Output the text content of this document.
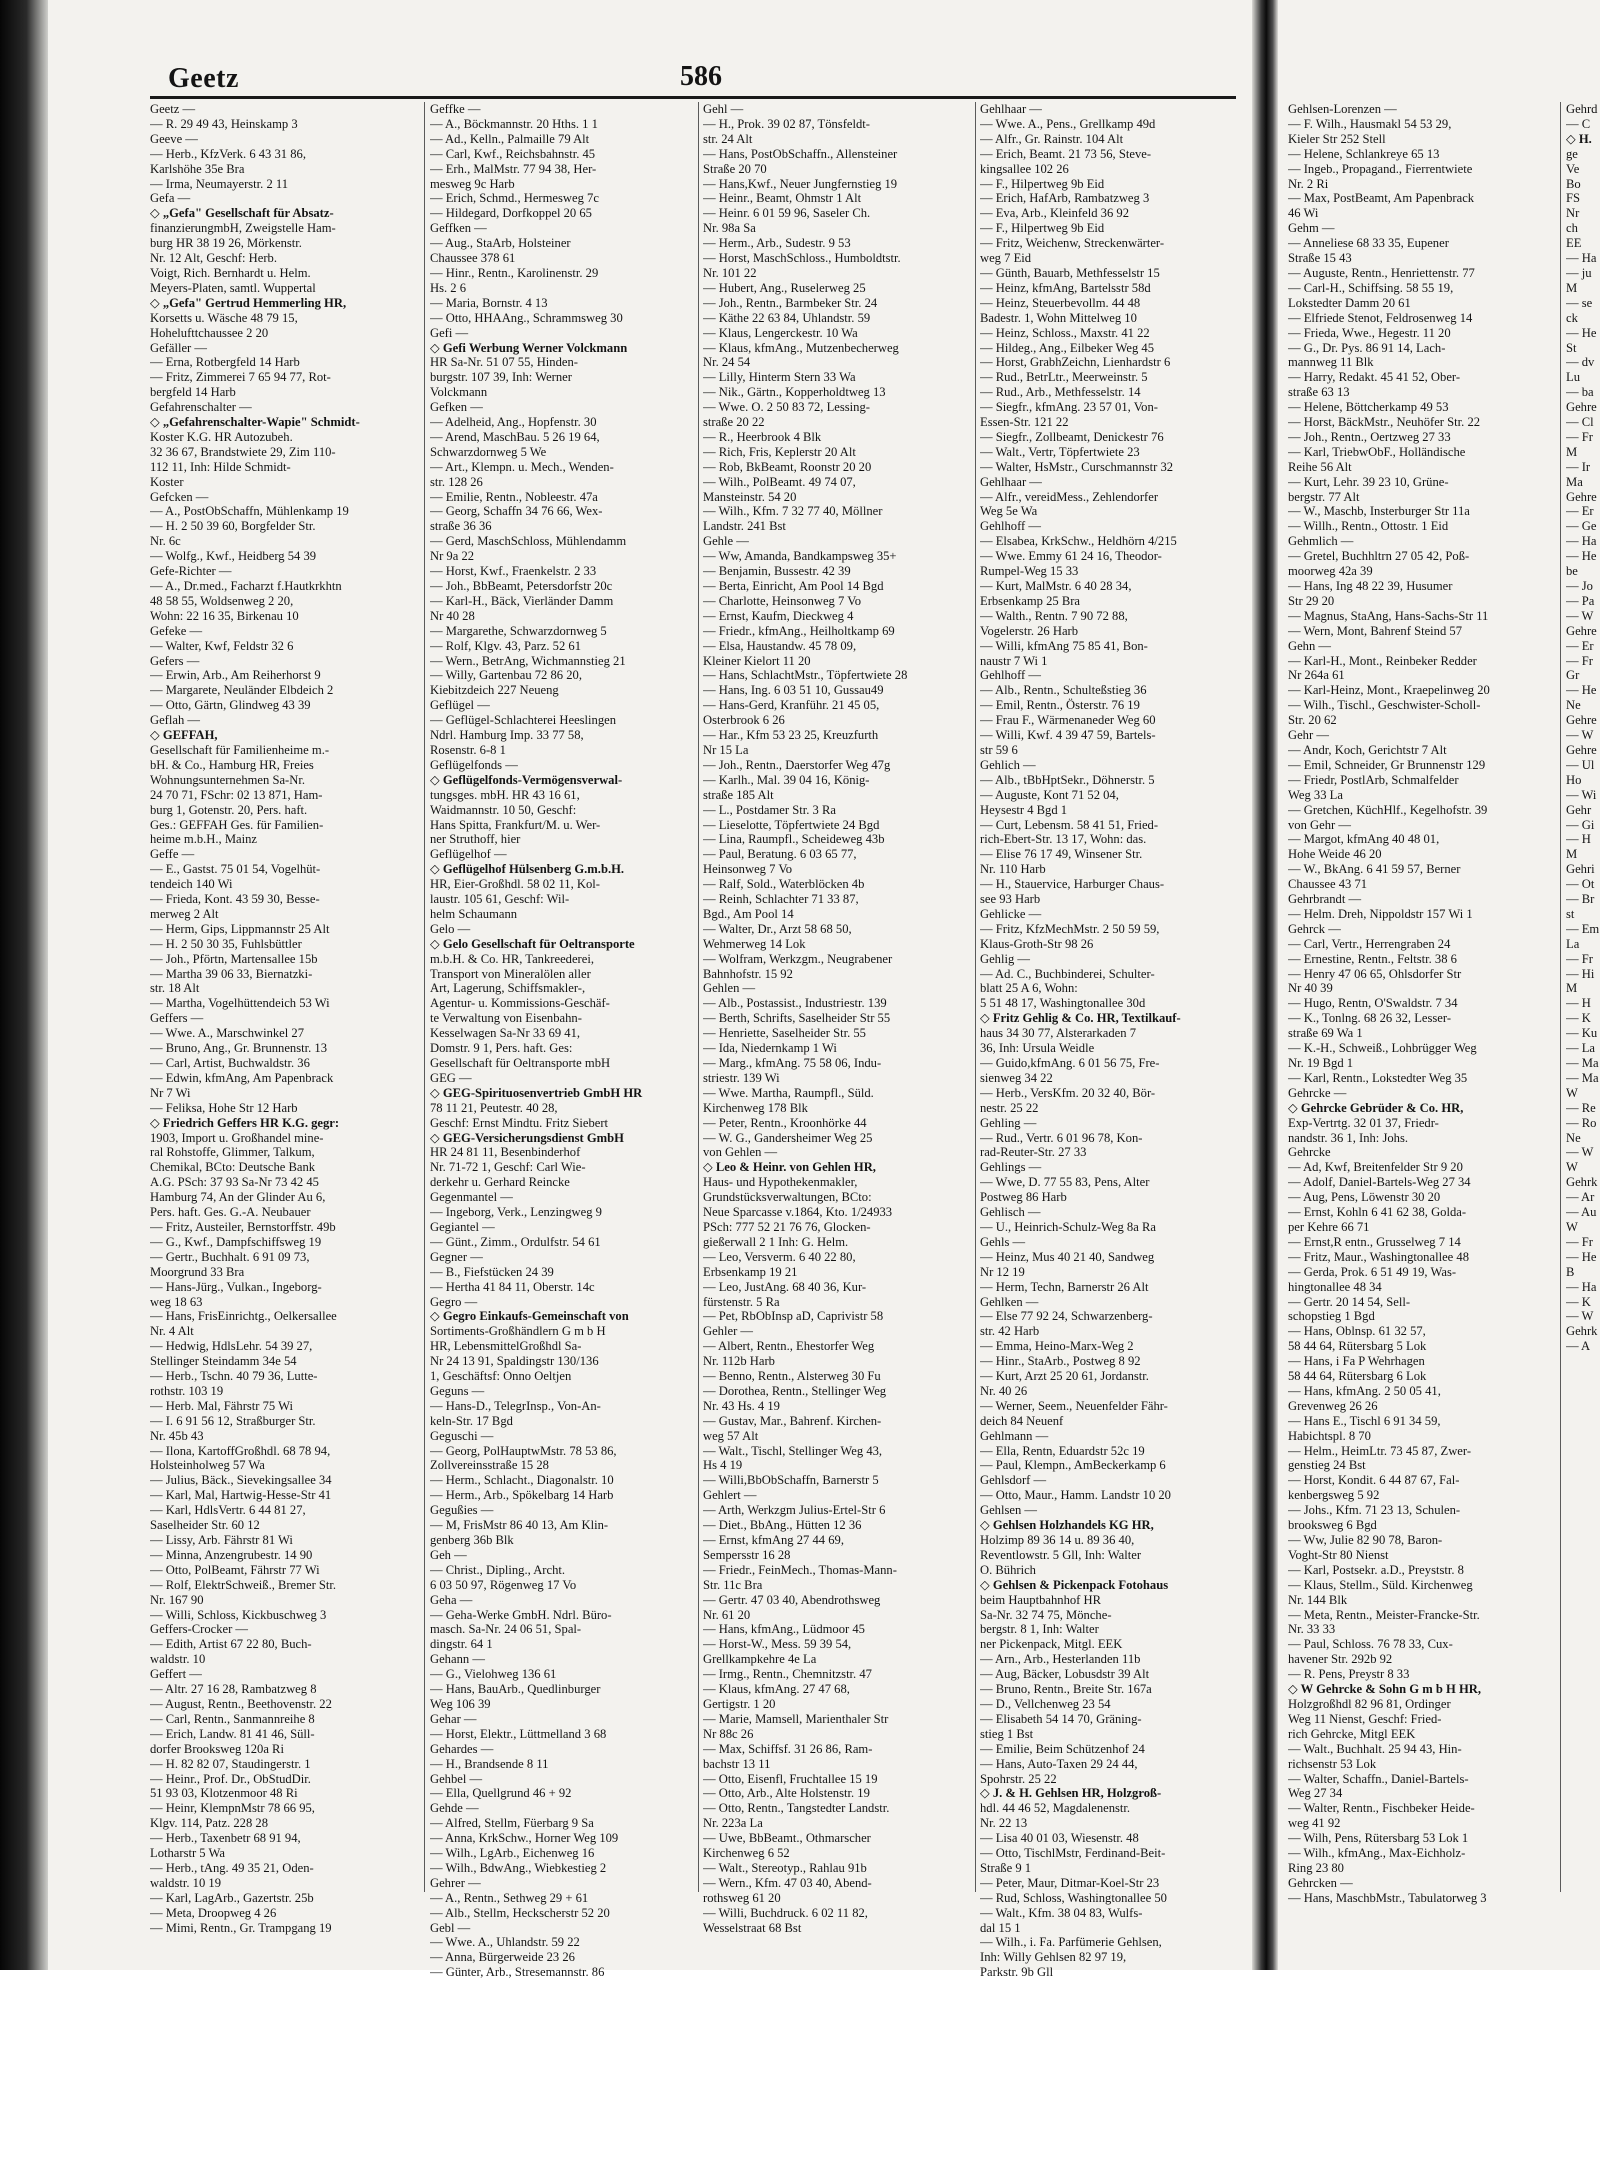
Geetz	586

Geetz —

— R. 29 49 43, Heinskamp 3

Geeve —

— Herb., KfzVerk. 6 43 31 86,

Karlshöhe 35e Bra

— Irma, Neumayerstr. 2 11

Gefa —

◇ „Gefa" Gesellschaft für Absatz-

finanzierungmbH, Zweigstelle Ham-

burg HR 38 19 26, Mörkenstr.

Nr. 12 Alt, Geschf: Herb.

Voigt, Rich. Bernhardt u. Helm.

Meyers-Platen, samtl. Wuppertal

◇ „Gefa" Gertrud Hemmerling HR,

Korsetts u. Wäsche 48 79 15,

Hohelufttchaussee 2 20

Gefäller —

— Erna, Rotbergfeld 14 Harb

— Fritz, Zimmerei 7 65 94 77, Rot-

bergfeld 14 Harb

Gefahrenschalter —

◇ „Gefahrenschalter-Wapie" Schmidt-

Koster K.G. HR Autozubeh.

32 36 67, Brandstwiete 29, Zim 110-

112 11, Inh: Hilde Schmidt-

Koster

Gefcken —

— A., PostObSchaffn, Mühlenkamp 19

— H. 2 50 39 60, Borgfelder Str.

Nr. 6c

— Wolfg., Kwf., Heidberg 54 39

Gefe-Richter —

— A., Dr.med., Facharzt f.Hautkrkhtn

48 58 55, Woldsenweg 2 20,

Wohn: 22 16 35, Birkenau 10

Gefeke —

— Walter, Kwf, Feldstr 32 6

Gefers —

— Erwin, Arb., Am Reiherhorst 9

— Margarete, Neuländer Elbdeich 2

— Otto, Gärtn, Glindweg 43 39

Geflah —

◇ GEFFAH,

Gesellschaft für Familienheime m.-

bH. & Co., Hamburg HR, Freies

Wohnungsunternehmen Sa-Nr.

24 70 71, FSchr: 02 13 871, Ham-

burg 1, Gotenstr. 20, Pers. haft.

Ges.: GEFFAH Ges. für Familien-

heime m.b.H., Mainz

Geffe —

— E., Gastst. 75 01 54, Vogelhüt-

tendeich 140 Wi

— Frieda, Kont. 43 59 30, Besse-

merweg 2 Alt

— Herm, Gips, Lippmannstr 25 Alt

— H. 2 50 30 35, Fuhlsbüttler

— Joh., Pförtn, Martensallee 15b

— Martha 39 06 33, Biernatzki-

str. 18 Alt

— Martha, Vogelhüttendeich 53 Wi

Geffers —

— Wwe. A., Marschwinkel 27

— Bruno, Ang., Gr. Brunnenstr. 13

— Carl, Artist, Buchwaldstr. 36

— Edwin, kfmAng, Am Papenbrack

Nr 7 Wi

— Feliksa, Hohe Str 12 Harb

◇ Friedrich Geffers HR K.G. gegr:

1903, Import u. Großhandel mine-

ral Rohstoffe, Glimmer, Talkum,

Chemikal, BCto: Deutsche Bank

A.G. PSch: 37 93 Sa-Nr 73 42 45

Hamburg 74, An der Glinder Au 6,

Pers. haft. Ges. G.-A. Neubauer

— Fritz, Austeiler, Bernstorffstr. 49b

— G., Kwf., Dampfschiffsweg 19

— Gertr., Buchhalt. 6 91 09 73,

Moorgrund 33 Bra

— Hans-Jürg., Vulkan., Ingeborg-

weg 18 63

— Hans, FrisEinrichtg., Oelkersallee

Nr. 4 Alt

— Hedwig, HdlsLehr. 54 39 27,

Stellinger Steindamm 34e 54

— Herb., Tschn. 40 79 36, Lutte-

rothstr. 103 19

— Herb. Mal, Fährstr 75 Wi

— I. 6 91 56 12, Straßburger Str.

Nr. 45b 43

— Ilona, KartoffGroßhdl. 68 78 94,

Holsteinholweg 57 Wa

— Julius, Bäck., Sievekingsallee 34

— Karl, Mal, Hartwig-Hesse-Str 41

— Karl, HdlsVertr. 6 44 81 27,

Saselheider Str. 60 12

— Lissy, Arb. Fährstr 81 Wi

— Minna, Anzengrubestr. 14 90

— Otto, PolBeamt, Fährstr 77 Wi

— Rolf, ElektrSchweiß., Bremer Str.

Nr. 167 90

— Willi, Schloss, Kickbuschweg 3

Geffers-Crocker —

— Edith, Artist 67 22 80, Buch-

waldstr. 10

Geffert —

— Altr. 27 16 28, Rambatzweg 8

— August, Rentn., Beethovenstr. 22

— Carl, Rentn., Sanmannreihe 8

— Erich, Landw. 81 41 46, Süll-

dorfer Brooksweg 120a Ri

— H. 82 82 07, Staudingerstr. 1

— Heinr., Prof. Dr., ObStudDir.

51 93 03, Klotzenmoor 48 Ri

— Heinr, KlempnMstr 78 66 95,

Klgv. 114, Patz. 228 28

— Herb., Taxenbetr 68 91 94,

Lotharstr 5 Wa

— Herb., tAng. 49 35 21, Oden-

waldstr. 10 19

— Karl, LagArb., Gazertstr. 25b

— Meta, Droopweg 4 26

— Mimi, Rentn., Gr. Trampgang 19

Geffke —

— A., Böckmannstr. 20 Hths. 1 1

— Ad., Kelln., Palmaille 79 Alt

— Carl, Kwf., Reichsbahnstr. 45

— Erh., MalMstr. 77 94 38, Her-

mesweg 9c Harb

— Erich, Schmd., Hermesweg 7c

— Hildegard, Dorfkoppel 20 65

Geffken —

— Aug., StaArb, Holsteiner

Chaussee 378 61

— Hinr., Rentn., Karolinenstr. 29

Hs. 2 6

— Maria, Bornstr. 4 13

— Otto, HHAAng., Schrammsweg 30

Gefi —

◇ Gefi Werbung Werner Volckmann

HR Sa-Nr. 51 07 55, Hinden-

burgstr. 107 39, Inh: Werner

Volckmann

Gefken —

— Adelheid, Ang., Hopfenstr. 30

— Arend, MaschBau. 5 26 19 64,

Schwarzdornweg 5 We

— Art., Klempn. u. Mech., Wenden-

str. 128 26

— Emilie, Rentn., Nobleestr. 47a

— Georg, Schaffn 34 76 66, Wex-

straße 36 36

— Gerd, MaschSchloss, Mühlendamm

Nr 9a 22

— Horst, Kwf., Fraenkelstr. 2 33

— Joh., BbBeamt, Petersdorfstr 20c

— Karl-H., Bäck, Vierländer Damm

Nr 40 28

— Margarethe, Schwarzdornweg 5

— Rolf, Klgv. 43, Parz. 52 61

— Wern., BetrAng, Wichmannstieg 21

— Willy, Gartenbau 72 86 20,

Kiebitzdeich 227 Neueng

Geflügel —

— Geflügel-Schlachterei Heeslingen

Ndrl. Hamburg Imp. 33 77 58,

Rosenstr. 6-8 1

Geflügelfonds —

◇ Geflügelfonds-Vermögensverwal-

tungsges. mbH. HR 43 16 61,

Waidmannstr. 10 50, Geschf:

Hans Spitta, Frankfurt/M. u. Wer-

ner Struthoff, hier

Geflügelhof —

◇ Geflügelhof Hülsenberg G.m.b.H.

HR, Eier-Großhdl. 58 02 11, Kol-

laustr. 105 61, Geschf: Wil-

helm Schaumann

Gelo —

◇ Gelo Gesellschaft für Oeltransporte

m.b.H. & Co. HR, Tankreederei,

Transport von Mineralölen aller

Art, Lagerung, Schiffsmakler-,

Agentur- u. Kommissions-Geschäf-

te Verwaltung von Eisenbahn-

Kesselwagen Sa-Nr 33 69 41,

Domstr. 9 1, Pers. haft. Ges:

Gesellschaft für Oeltransporte mbH

GEG —

◇ GEG-Spirituosenvertrieb GmbH HR

78 11 21, Peutestr. 40 28,

Geschf: Ernst Mindtu. Fritz Siebert

◇ GEG-Versicherungsdienst GmbH

HR 24 81 11, Besenbinderhof

Nr. 71-72 1, Geschf: Carl Wie-

derkehr u. Gerhard Reincke

Gegenmantel —

— Ingeborg, Verk., Lenzingweg 9

Gegiantel —

— Günt., Zimm., Ordulfstr. 54 61

Gegner —

— B., Fiefstücken 24 39

— Hertha 41 84 11, Oberstr. 14c

Gegro —

◇ Gegro Einkaufs-Gemeinschaft von

Sortiments-Großhändlern G m b H

HR, LebensmittelGroßhdl Sa-

Nr 24 13 91, Spaldingstr 130/136

1, Geschäftsf: Onno Oeltjen

Geguns —

— Hans-D., TelegrInsp., Von-An-

keln-Str. 17 Bgd

Geguschi —

— Georg, PolHauptwMstr. 78 53 86,

Zollvereinsstraße 15 28

— Herm., Schlacht., Diagonalstr. 10

— Herm., Arb., Spökelbarg 14 Harb

Gegußies —

— M, FrisMstr 86 40 13, Am Klin-

genberg 36b Blk

Geh —

— Christ., Dipling., Archt.

6 03 50 97, Rögenweg 17 Vo

Geha —

— Geha-Werke GmbH. Ndrl. Büro-

masch. Sa-Nr. 24 06 51, Spal-

dingstr. 64 1

Gehann —

— G., Vielohweg 136 61

— Hans, BauArb., Quedlinburger

Weg 106 39

Gehar —

— Horst, Elektr., Lüttmelland 3 68

Gehardes —

— H., Brandsende 8 11

Gehbel —

— Ella, Quellgrund 46 + 92

Gehde —

— Alfred, Stellm, Füerbarg 9 Sa

— Anna, KrkSchw., Horner Weg 109

— Wilh., LgArb., Eichenweg 16

— Wilh., BdwAng., Wiebkestieg 2

Gehrer —

— A., Rentn., Sethweg 29 + 61

— Alb., Stellm, Heckscherstr 52 20

Gebl —

— Wwe. A., Uhlandstr. 59 22

— Anna, Bürgerweide 23 26

— Günter, Arb., Stresemannstr. 86

Gehl —

— H., Prok. 39 02 87, Tönsfeldt-

str. 24 Alt

— Hans, PostObSchaffn., Allensteiner

Straße 20 70

— Hans,Kwf., Neuer Jungfernstieg 19

— Heinr., Beamt, Ohmstr 1 Alt

— Heinr. 6 01 59 96, Saseler Ch.

Nr. 98a Sa

— Herm., Arb., Sudestr. 9 53

— Horst, MaschSchloss., Humboldtstr.

Nr. 101 22

— Hubert, Ang., Ruselerweg 25

— Joh., Rentn., Barmbeker Str. 24

— Käthe 22 63 84, Uhlandstr. 59

— Klaus, Lengerckestr. 10 Wa

— Klaus, kfmAng., Mutzenbecherweg

Nr. 24 54

— Lilly, Hinterm Stern 33 Wa

— Nik., Gärtn., Kopperholdtweg 13

— Wwe. O. 2 50 83 72, Lessing-

straße 20 22

— R., Heerbrook 4 Blk

— Rich, Fris, Keplerstr 20 Alt

— Rob, BkBeamt, Roonstr 20 20

— Wilh., PolBeamt. 49 74 07,

Mansteinstr. 54 20

— Wilh., Kfm. 7 32 77 40, Möllner

Landstr. 241 Bst

Gehle —

— Ww, Amanda, Bandkampsweg 35+

— Benjamin, Bussestr. 42 39

— Berta, Einricht, Am Pool 14 Bgd

— Charlotte, Heinsonweg 7 Vo

— Ernst, Kaufm, Dieckweg 4

— Friedr., kfmAng., Heilholtkamp 69

— Elsa, Haustandw. 45 78 09,

Kleiner Kielort 11 20

— Hans, SchlachtMstr., Töpfertwiete 28

— Hans, Ing. 6 03 51 10, Gussau49

— Hans-Gerd, Kranführ. 21 45 05,

Osterbrook 6 26

— Har., Kfm 53 23 25, Kreuzfurth

Nr 15 La

— Joh., Rentn., Daerstorfer Weg 47g

— Karlh., Mal. 39 04 16, König-

straße 185 Alt

— L., Postdamer Str. 3 Ra

— Lieselotte, Töpfertwiete 24 Bgd

— Lina, Raumpfl., Scheideweg 43b

— Paul, Beratung. 6 03 65 77,

Heinsonweg 7 Vo

— Ralf, Sold., Waterblöcken 4b

— Reinh, Schlachter 71 33 87,

Bgd., Am Pool 14

— Walter, Dr., Arzt 58 68 50,

Wehmerweg 14 Lok

— Wolfram, Werkzgm., Neugrabener

Bahnhofstr. 15 92

Gehlen —

— Alb., Postassist., Industriestr. 139

— Berth, Schrifts, Saselheider Str 55

— Henriette, Saselheider Str. 55

— Ida, Niedernkamp 1 Wi

— Marg., kfmAng. 75 58 06, Indu-

striestr. 139 Wi

— Wwe. Martha, Raumpfl., Süld.

Kirchenweg 178 Blk

— Peter, Rentn., Kroonhörke 44

— W. G., Gandersheimer Weg 25

von Gehlen —

◇ Leo & Heinr. von Gehlen HR,

Haus- und Hypothekenmakler,

Grundstücksverwaltungen, BCto:

Neue Sparcasse v.1864, Kto. 1/24933

PSch: 777 52 21 76 76, Glocken-

gießerwall 2 1 Inh: G. Helm.

— Leo, Versverm. 6 40 22 80,

Erbsenkamp 19 21

— Leo, JustAng. 68 40 36, Kur-

fürstenstr. 5 Ra

— Pet, RbObInsp aD, Caprivistr 58

Gehler —

— Albert, Rentn., Ehestorfer Weg

Nr. 112b Harb

— Benno, Rentn., Alsterweg 30 Fu

— Dorothea, Rentn., Stellinger Weg

Nr. 43 Hs. 4 19

— Gustav, Mar., Bahrenf. Kirchen-

weg 57 Alt

— Walt., Tischl, Stellinger Weg 43,

Hs 4 19

— Willi,BbObSchaffn, Barnerstr 5

Gehlert —

— Arth, Werkzgm Julius-Ertel-Str 6

— Diet., BbAng., Hütten 12 36

— Ernst, kfmAng 27 44 69,

Sempersstr 16 28

— Friedr., FeinMech., Thomas-Mann-

Str. 11c Bra

— Gertr. 47 03 40, Abendrothsweg

Nr. 61 20

— Hans, kfmAng., Lüdmoor 45

— Horst-W., Mess. 59 39 54,

Grellkampkehre 4e La

— Irmg., Rentn., Chemnitzstr. 47

— Klaus, kfmAng. 27 47 68,

Gertigstr. 1 20

— Marie, Mamsell, Marienthaler Str

Nr 88c 26

— Max, Schiffsf. 31 26 86, Ram-

bachstr 13 11

— Otto, Eisenfl, Fruchtallee 15 19

— Otto, Arb., Alte Holstenstr. 19

— Otto, Rentn., Tangstedter Landstr.

Nr. 223a La

— Uwe, BbBeamt., Othmarscher

Kirchenweg 6 52

— Walt., Stereotyp., Rahlau 91b

— Wern., Kfm. 47 03 40, Abend-

rothsweg 61 20

— Willi, Buchdruck. 6 02 11 82,

Wesselstraat 68 Bst

Gehlhaar —

— Wwe. A., Pens., Grellkamp 49d

— Alfr., Gr. Rainstr. 104 Alt

— Erich, Beamt. 21 73 56, Steve-

kingsallee 102 26

— F., Hilpertweg 9b Eid

— Erich, HafArb, Rambatzweg 3

— Eva, Arb., Kleinfeld 36 92

— F., Hilpertweg 9b Eid

— Fritz, Weichenw, Streckenwärter-

weg 7 Eid

— Günth, Bauarb, Methfesselstr 15

— Heinz, kfmAng, Bartelsstr 58d

— Heinz, Steuerbevollm. 44 48

Badestr. 1, Wohn Mittelweg 10

— Heinz, Schloss., Maxstr. 41 22

— Hildeg., Ang., Eilbeker Weg 45

— Horst, GrabhZeichn, Lienhardstr 6

— Rud., BetrLtr., Meerweinstr. 5

— Rud., Arb., Methfesselstr. 14

— Siegfr., kfmAng. 23 57 01, Von-

Essen-Str. 121 22

— Siegfr., Zollbeamt, Denickestr 76

— Walt., Vertr, Töpfertwiete 23

— Walter, HsMstr., Curschmannstr 32

Gehlhaar —

— Alfr., vereidMess., Zehlendorfer

Weg 5e Wa

Gehlhoff —

— Elsabea, KrkSchw., Heldhörn 4/215

— Wwe. Emmy 61 24 16, Theodor-

Rumpel-Weg 15 33

— Kurt, MalMstr. 6 40 28 34,

Erbsenkamp 25 Bra

— Walth., Rentn. 7 90 72 88,

Vogelerstr. 26 Harb

— Willi, kfmAng 75 85 41, Bon-

naustr 7 Wi 1

Gehlhoff —

— Alb., Rentn., Schulteßstieg 36

— Emil, Rentn., Österstr. 76 19

— Frau F., Wärmenaneder Weg 60

— Willi, Kwf. 4 39 47 59, Bartels-

str 59 6

Gehlich —

— Alb., tBbHptSekr., Döhnerstr. 5

— Auguste, Kont 71 52 04,

Heysestr 4 Bgd 1

— Curt, Lebensm. 58 41 51, Fried-

rich-Ebert-Str. 13 17, Wohn: das.

— Elise 76 17 49, Winsener Str.

Nr. 110 Harb

— H., Stauervice, Harburger Chaus-

see 93 Harb

Gehlicke —

— Fritz, KfzMechMstr. 2 50 59 59,

Klaus-Groth-Str 98 26

Gehlig —

— Ad. C., Buchbinderei, Schulter-

blatt 25 A 6, Wohn:

5 51 48 17, Washingtonallee 30d

◇ Fritz Gehlig & Co. HR, Textilkauf-

haus 34 30 77, Alsterarkaden 7

36, Inh: Ursula Weidle

— Guido,kfmAng. 6 01 56 75, Fre-

sienweg 34 22

— Herb., VersKfm. 20 32 40, Bör-

nestr. 25 22

Gehling —

— Rud., Vertr. 6 01 96 78, Kon-

rad-Reuter-Str. 27 33

Gehlings —

— Wwe, D. 77 55 83, Pens, Alter

Postweg 86 Harb

Gehlisch —

— U., Heinrich-Schulz-Weg 8a Ra

Gehls —

— Heinz, Mus 40 21 40, Sandweg

Nr 12 19

— Herm, Techn, Barnerstr 26 Alt

Gehlken —

— Else 77 92 24, Schwarzenberg-

str. 42 Harb

— Emma, Heino-Marx-Weg 2

— Hinr., StaArb., Postweg 8 92

— Kurt, Arzt 25 20 61, Jordanstr.

Nr. 40 26

— Werner, Seem., Neuenfelder Fähr-

deich 84 Neuenf

Gehlmann —

— Ella, Rentn, Eduardstr 52c 19

— Paul, Klempn., AmBeckerkamp 6

Gehlsdorf —

— Otto, Maur., Hamm. Landstr 10 20

Gehlsen —

◇ Gehlsen Holzhandels KG HR,

Holzimp 89 36 14 u. 89 36 40,

Reventlowstr. 5 Gll, Inh: Walter

O. Bührich

◇ Gehlsen & Pickenpack Fotohaus

beim Hauptbahnhof HR

Sa-Nr. 32 74 75, Mönche-

bergstr. 8 1, Inh: Walter

ner Pickenpack, Mitgl. EEK

— Arn., Arb., Hesterlanden 11b

— Aug, Bäcker, Lobusdstr 39 Alt

— Bruno, Rentn., Breite Str. 167a

— D., Vellchenweg 23 54

— Elisabeth 54 14 70, Gräning-

stieg 1 Bst

— Emilie, Beim Schützenhof 24

— Hans, Auto-Taxen 29 24 44,

Spohrstr. 25 22

◇ J. & H. Gehlsen HR, Holzgroß-

hdl. 44 46 52, Magdalenenstr.

Nr. 22 13

— Lisa 40 01 03, Wiesenstr. 48

— Otto, TischlMstr, Ferdinand-Beit-

Straße 9 1

— Peter, Maur, Ditmar-Koel-Str 23

— Rud, Schloss, Washingtonallee 50

— Walt., Kfm. 38 04 83, Wulfs-

dal 15 1

— Wilh., i. Fa. Parfümerie Gehlsen,

Inh: Willy Gehlsen 82 97 19,

Parkstr. 9b Gll

Gehlsen-Lorenzen —

— F. Wilh., Hausmakl 54 53 29,

Kieler Str 252 Stell

— Helene, Schlankreye 65 13

— Ingeb., Propagand., Fierrentwiete

Nr. 2 Ri

— Max, PostBeamt, Am Papenbrack

46 Wi

Gehm —

— Anneliese 68 33 35, Eupener

Straße 15 43

— Auguste, Rentn., Henriettenstr. 77

— Carl-H., Schiffsing. 58 55 19,

Lokstedter Damm 20 61

— Elfriede Stenot, Feldrosenweg 14

— Frieda, Wwe., Hegestr. 11 20

— G., Dr. Pys. 86 91 14, Lach-

mannweg 11 Blk

— Harry, Redakt. 45 41 52, Ober-

straße 63 13

— Helene, Böttcherkamp 49 53

— Horst, BäckMstr., Neuhöfer Str. 22

— Joh., Rentn., Oertzweg 27 33

— Karl, TriebwObF., Holländische

Reihe 56 Alt

— Kurt, Lehr. 39 23 10, Grüne-

bergstr. 77 Alt

— W., Maschb, Insterburger Str 11a

— Willh., Rentn., Ottostr. 1 Eid

Gehmlich —

— Gretel, Buchhltrn 27 05 42, Poß-

moorweg 42a 39

— Hans, Ing 48 22 39, Husumer

Str 29 20

— Magnus, StaAng, Hans-Sachs-Str 11

— Wern, Mont, Bahrenf Steind 57

Gehn —

— Karl-H., Mont., Reinbeker Redder

Nr 264a 61

— Karl-Heinz, Mont., Kraepelinweg 20

— Wilh., Tischl., Geschwister-Scholl-

Str. 20 62

Gehr —

— Andr, Koch, Gerichtstr 7 Alt

— Emil, Schneider, Gr Brunnenstr 129

— Friedr, PostlArb, Schmalfelder

Weg 33 La

— Gretchen, KüchHlf., Kegelhofstr. 39

von Gehr —

— Margot, kfmAng 40 48 01,

Hohe Weide 46 20

— W., BkAng. 6 41 59 57, Berner

Chaussee 43 71

Gehrbrandt —

— Helm. Dreh, Nippoldstr 157 Wi 1

Gehrck —

— Carl, Vertr., Herrengraben 24

— Ernestine, Rentn., Feltstr. 38 6

— Henry 47 06 65, Ohlsdorfer Str

Nr 40 39

— Hugo, Rentn, O'Swaldstr. 7 34

— K., Tonlng. 68 26 32, Lesser-

straße 69 Wa 1

— K.-H., Schweiß., Lohbrügger Weg

Nr. 19 Bgd 1

— Karl, Rentn., Lokstedter Weg 35

Gehrcke —

◇ Gehrcke Gebrüder & Co. HR,

Exp-Vertrtg. 32 01 37, Friedr-

nandstr. 36 1, Inh: Johs.

Gehrcke

— Ad, Kwf, Breitenfelder Str 9 20

— Adolf, Daniel-Bartels-Weg 27 34

— Aug, Pens, Löwenstr 30 20

— Ernst, Kohln 6 41 62 38, Golda-

per Kehre 66 71

— Ernst,R entn., Grusselweg 7 14

— Fritz, Maur., Washingtonallee 48

— Gerda, Prok. 6 51 49 19, Was-

hingtonallee 48 34

— Gertr. 20 14 54, Sell-

schopstieg 1 Bgd

— Hans, Oblnsp. 61 32 57,

58 44 64, Rütersbarg 5 Lok

— Hans, i Fa P Wehrhagen

58 44 64, Rütersbarg 6 Lok

— Hans, kfmAng. 2 50 05 41,

Grevenweg 26 26

— Hans E., Tischl 6 91 34 59,

Habichtspl. 8 70

— Helm., HeimLtr. 73 45 87, Zwer-

genstieg 24 Bst

— Horst, Kondit. 6 44 87 67, Fal-

kenbergsweg 5 92

— Johs., Kfm. 71 23 13, Schulen-

brooksweg 6 Bgd

— Ww, Julie 82 90 78, Baron-

Voght-Str 80 Nienst

— Karl, Postsekr. a.D., Preyststr. 8

— Klaus, Stellm., Süld. Kirchenweg

Nr. 144 Blk

— Meta, Rentn., Meister-Francke-Str.

Nr. 33 33

— Paul, Schloss. 76 78 33, Cux-

havener Str. 292b 92

— R. Pens, Preystr 8 33

◇ W Gehrcke & Sohn G m b H HR,

Holzgroßhdl 82 96 81, Ordinger

Weg 11 Nienst, Geschf: Fried-

rich Gehrcke, Mitgl EEK

— Walt., Buchhalt. 25 94 43, Hin-

richsenstr 53 Lok

— Walter, Schaffn., Daniel-Bartels-

Weg 27 34

— Walter, Rentn., Fischbeker Heide-

weg 41 92

— Wilh, Pens, Rütersbarg 53 Lok 1

— Wilh., kfmAng., Max-Eichholz-

Ring 23 80

Gehrcken —

— Hans, MaschbMstr., Tabulatorweg 3

Gehrd

— C

◇ H.

ge

Ve

Bo

FS

Nr

ch

EE

— Ha

— ju

M

— se

ck

— He

St

— dv

Lu

— ba

Gehre

— Cl

— Fr

M

— Ir

Ma

Gehre

— Er

— Ge

— Ha

— He

be

— Jo

— Pa

— W

Gehre

— Er

— Fr

Gr

— He

Ne

Gehre

— W

Gehre

— Ul

Ho

— Wi

Gehr

— Gi

— H

M

Gehri

— Ot

— Br

st

— Em

La

— Fr

— Hi

M

— H

— K

— Ku

— La

— Ma

— Ma

W

— Re

— Ro

Ne

— W

W

Gehrk

— Ar

— Au

W

— Fr

— He

B

— Ha

— K

— W

Gehrk

— A
